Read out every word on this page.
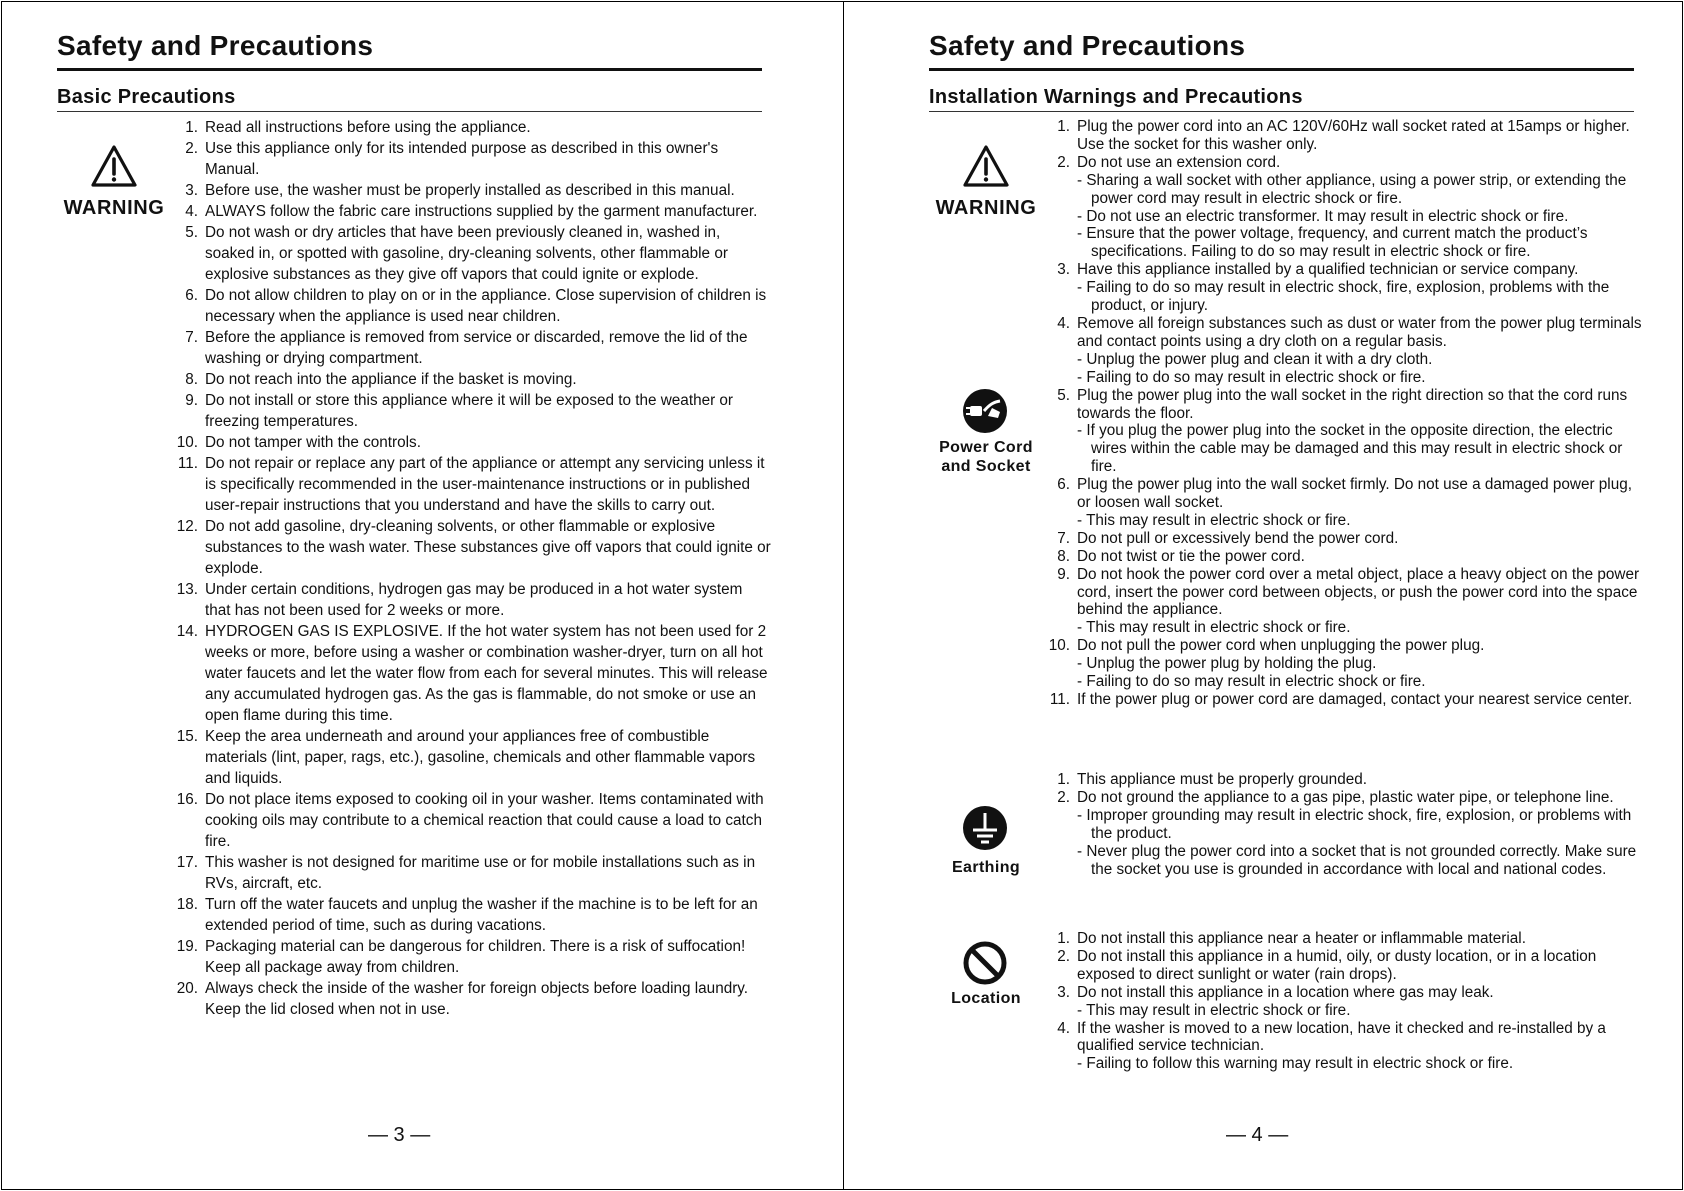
Safety and Precautions
Basic Precautions
WARNING
1. Read all instructions before using the appliance.
2. Use this appliance only for its intended purpose as described in this owner's Manual.
3. Before use, the washer must be properly installed as described in this manual.
4. ALWAYS follow the fabric care instructions supplied by the garment manufacturer.
5. Do not wash or dry articles that have been previously cleaned in, washed in, soaked in, or spotted with gasoline, dry-cleaning solvents, other flammable or explosive substances as they give off vapors that could ignite or explode.
6. Do not allow children to play on or in the appliance. Close supervision of children is necessary when the appliance is used near children.
7. Before the appliance is removed from service or discarded, remove the lid of the washing or drying compartment.
8. Do not reach into the appliance if the basket is moving.
9. Do not install or store this appliance where it will be exposed to the weather or freezing temperatures.
10. Do not tamper with the controls.
11. Do not repair or replace any part of the appliance or attempt any servicing unless it is specifically recommended in the user-maintenance instructions or in published user-repair instructions that you understand and have the skills to carry out.
12. Do not add gasoline, dry-cleaning solvents, or other flammable or explosive substances to the wash water. These substances give off vapors that could ignite or explode.
13. Under certain conditions, hydrogen gas may be produced in a hot water system that has not been used for 2 weeks or more.
14. HYDROGEN GAS IS EXPLOSIVE. If the hot water system has not been used for 2 weeks or more, before using a washer or combination washer-dryer, turn on all hot water faucets and let the water flow from each for several minutes. This will release any accumulated hydrogen gas. As the gas is flammable, do not smoke or use an open flame during this time.
15. Keep the area underneath and around your appliances free of combustible materials (lint, paper, rags, etc.), gasoline, chemicals and other flammable vapors and liquids.
16. Do not place items exposed to cooking oil in your washer. Items contaminated with cooking oils may contribute to a chemical reaction that could cause a load to catch fire.
17. This washer is not designed for maritime use or for mobile installations such as in RVs, aircraft, etc.
18. Turn off the water faucets and unplug the washer if the machine is to be left for an extended period of time, such as during vacations.
19. Packaging material can be dangerous for children. There is a risk of suffocation! Keep all package away from children.
20. Always check the inside of the washer for foreign objects before loading laundry. Keep the lid closed when not in use.
— 3 —
Safety and Precautions
Installation Warnings and Precautions
WARNING
Power Cord
and Socket
Earthing
Location
1. Plug the power cord into an AC 120V/60Hz wall socket rated at 15amps or higher. Use the socket for this washer only.
2. Do not use an extension cord.
- Sharing a wall socket with other appliance, using a power strip, or extending the power cord may result in electric shock or fire.
- Do not use an electric transformer. It may result in electric shock or fire.
- Ensure that the power voltage, frequency, and current match the product’s specifications. Failing to do so may result in electric shock or fire.
3. Have this appliance installed by a qualified technician or service company.
- Failing to do so may result in electric shock, fire, explosion, problems with the product, or injury.
4. Remove all foreign substances such as dust or water from the power plug terminals and contact points using a dry cloth on a regular basis.
- Unplug the power plug and clean it with a dry cloth.
- Failing to do so may result in electric shock or fire.
5. Plug the power plug into the wall socket in the right direction so that the cord runs towards the floor.
- If you plug the power plug into the socket in the opposite direction, the electric wires within the cable may be damaged and this may result in electric shock or fire.
6. Plug the power plug into the wall socket firmly. Do not use a damaged power plug, or loosen wall socket.
- This may result in electric shock or fire.
7. Do not pull or excessively bend the power cord.
8. Do not twist or tie the power cord.
9. Do not hook the power cord over a metal object, place a heavy object on the power cord, insert the power cord between objects, or push the power cord into the space behind the appliance.
- This may result in electric shock or fire.
10. Do not pull the power cord when unplugging the power plug.
- Unplug the power plug by holding the plug.
- Failing to do so may result in electric shock or fire.
11. If the power plug or power cord are damaged, contact your nearest service center.
1. This appliance must be properly grounded.
2. Do not ground the appliance to a gas pipe, plastic water pipe, or telephone line.
- Improper grounding may result in electric shock, fire, explosion, or problems with the product.
- Never plug the power cord into a socket that is not grounded correctly. Make sure the socket you use is grounded in accordance with local and national codes.
1. Do not install this appliance near a heater or inflammable material.
2. Do not install this appliance in a humid, oily, or dusty location, or in a location exposed to direct sunlight or water (rain drops).
3. Do not install this appliance in a location where gas may leak.
- This may result in electric shock or fire.
4. If the washer is moved to a new location, have it checked and re-installed by a qualified service technician.
- Failing to follow this warning may result in electric shock or fire.
— 4 —
